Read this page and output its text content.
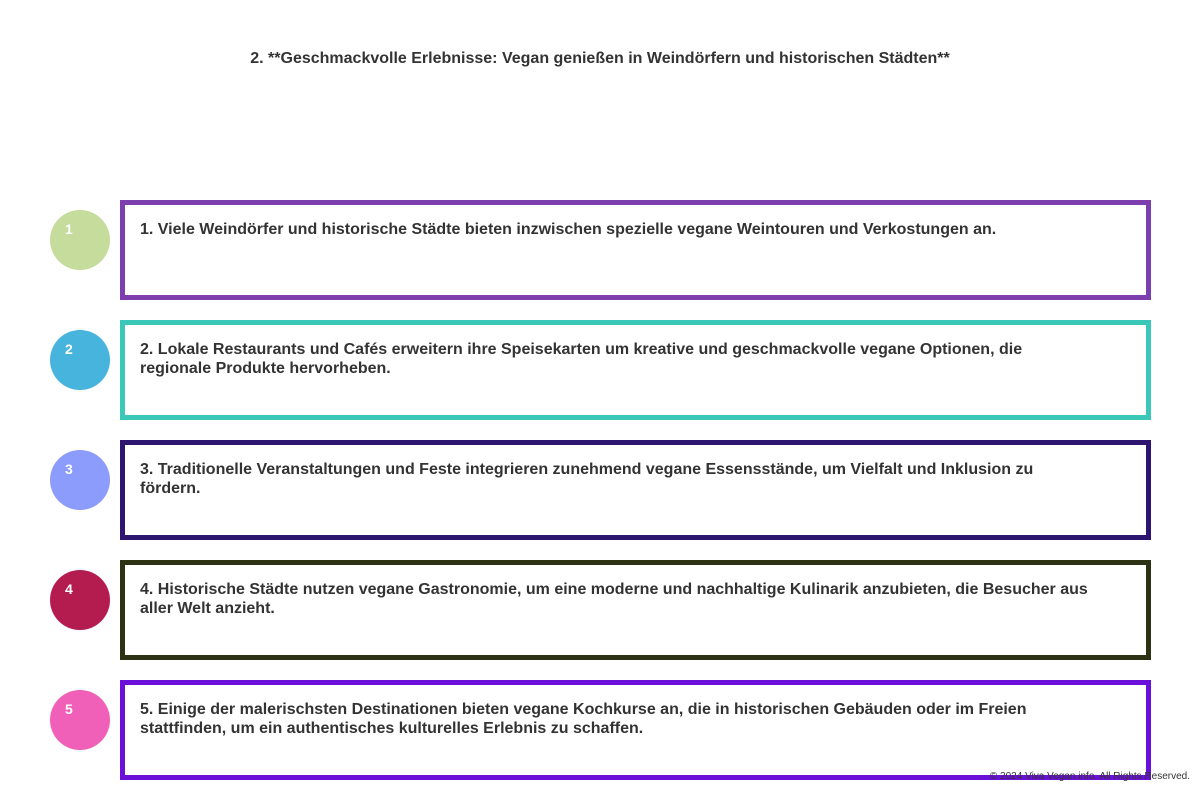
2. **Geschmackvolle Erlebnisse: Vegan genießen in Weindörfern und historischen Städten**
1	1. Viele Weindörfer und historische Städte bieten inzwischen spezielle vegane Weintouren und Verkostungen an.
2	2. Lokale Restaurants und Cafés erweitern ihre Speisekarten um kreative und geschmackvolle vegane Optionen, die regionale Produkte hervorheben.
3	3. Traditionelle Veranstaltungen und Feste integrieren zunehmend vegane Essensstände, um Vielfalt und Inklusion zu fördern.
4	4. Historische Städte nutzen vegane Gastronomie, um eine moderne und nachhaltige Kulinarik anzubieten, die Besucher aus aller Welt anzieht.
5	5. Einige der malerischsten Destinationen bieten vegane Kochkurse an, die in historischen Gebäuden oder im Freien stattfinden, um ein authentisches kulturelles Erlebnis zu schaffen.
© 2024 Viva Vegan.info. All Rights Reserved.
